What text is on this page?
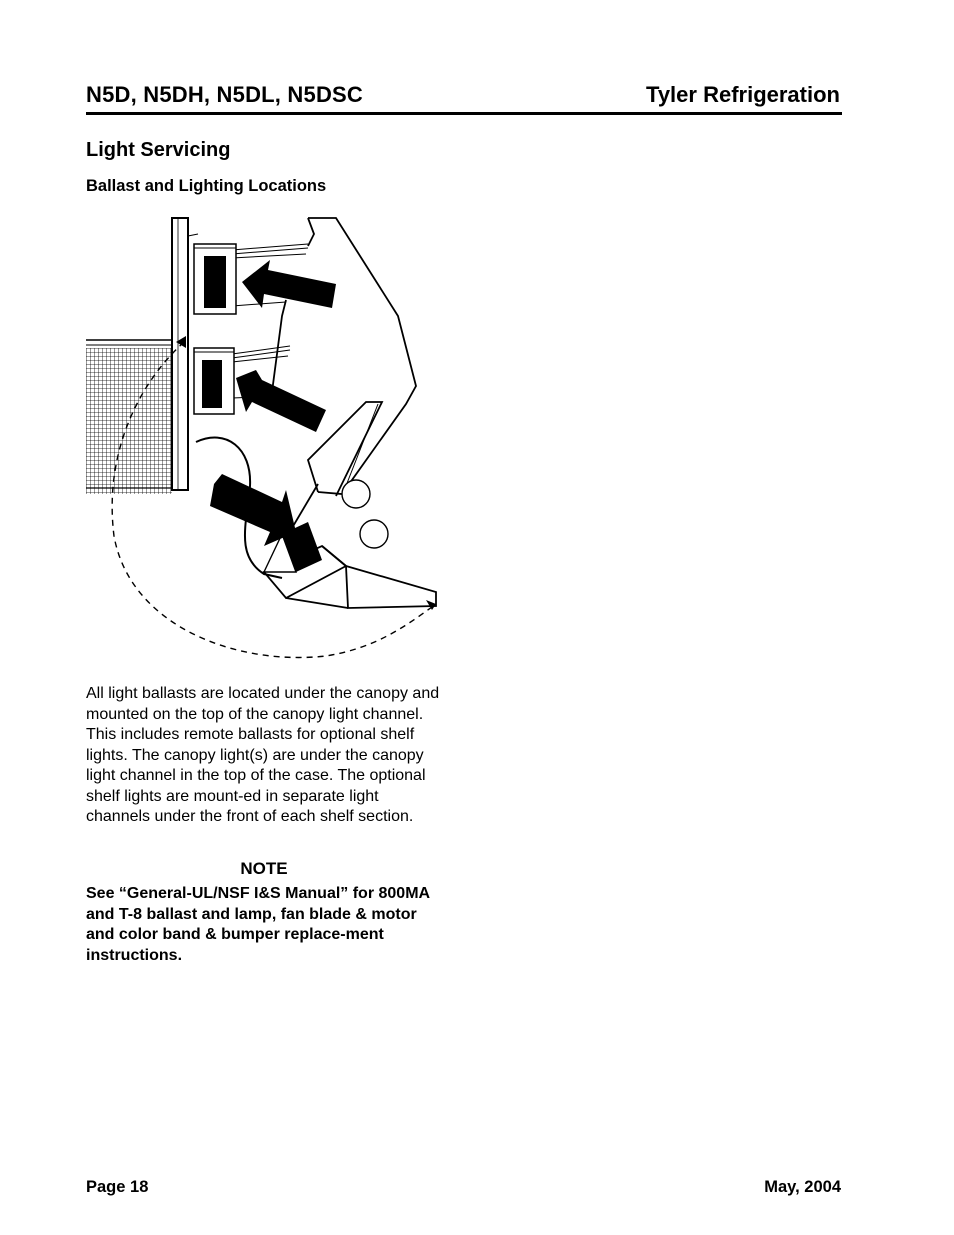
N5D, N5DH, N5DL, N5DSC	Tyler Refrigeration
Light Servicing
Ballast and Lighting Locations
All light ballasts are located under the canopy and mounted on the top of the canopy light channel. This includes remote ballasts for optional shelf lights. The canopy light(s) are under the canopy light channel in the top of the case. The optional shelf lights are mount-ed in separate light channels under the front of each shelf section.
NOTE
See “General-UL/NSF I&S Manual” for 800MA and T-8 ballast and lamp, fan blade & motor and color band & bumper replace-ment instructions.
Page 18	May, 2004
